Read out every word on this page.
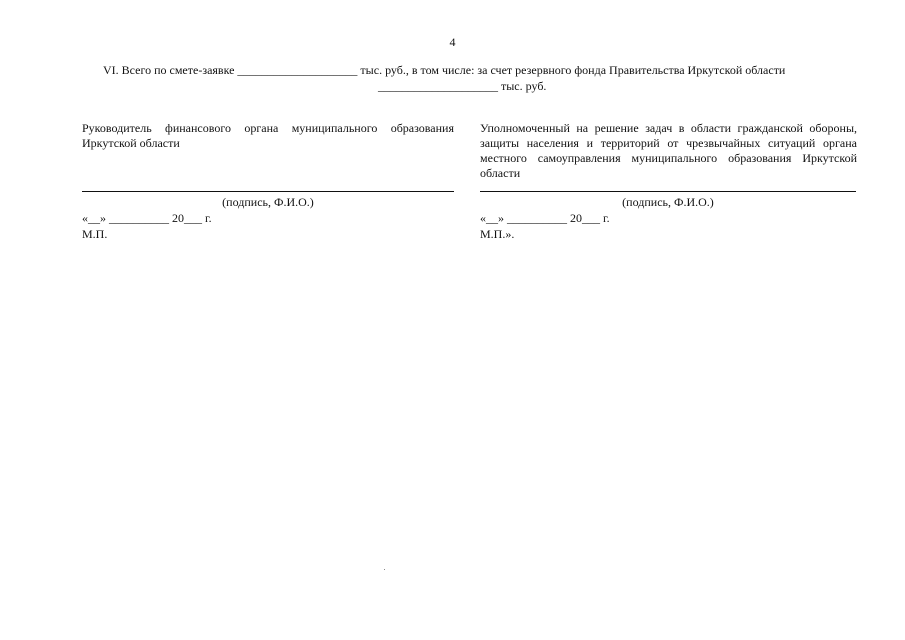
4
VI. Всего по смете-заявке ____________________ тыс. руб., в том числе: за счет резервного фонда Правительства Иркутской области
____________________ тыс. руб.

Руководитель финансового органа муниципального образования Иркутской области

Уполномоченный на решение задач в области гражданской обороны, защиты населения и территорий от чрезвычайных ситуаций органа местного самоуправления муниципального образования Иркутской области

(подпись, Ф.И.О.)	(подпись, Ф.И.О.)
«__» __________ 20___ г.	«__» __________ 20___ г.
М.П.	М.П.».
